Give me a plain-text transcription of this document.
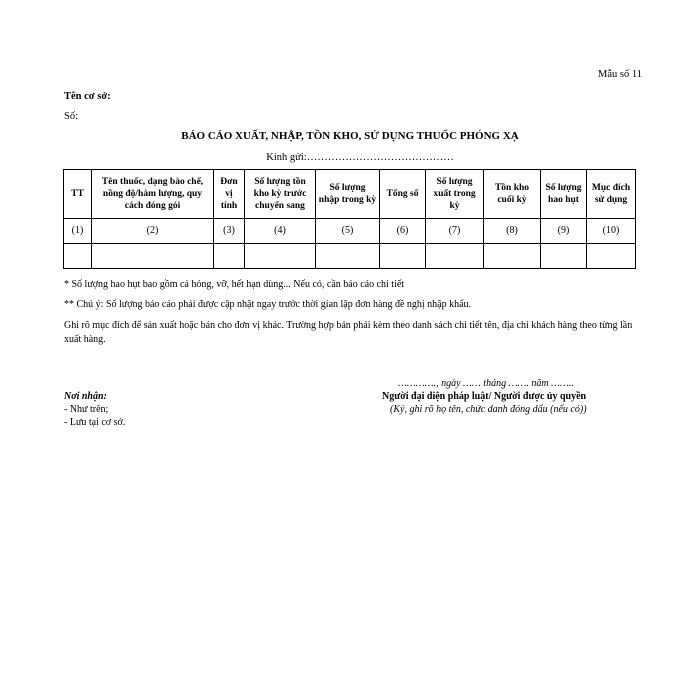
Mẫu số 11
Tên cơ sở:
Số:
BÁO CÁO XUẤT, NHẬP, TỒN KHO, SỬ DỤNG THUỐC PHÓNG XẠ
Kính gửi:……………………………………
TT	Tên thuốc, dạng bào chế, nồng độ/hàm lượng, quy cách đóng gói	Đơn vị tính	Số lượng tồn kho kỳ trước chuyển sang	Số lượng nhập trong kỳ	Tổng số	Số lượng xuất trong kỳ	Tồn kho cuối kỳ	Số lượng hao hụt	Mục đích sử dụng
(1)	(2)	(3)	(4)	(5)	(6)	(7)	(8)	(9)	(10)

* Số lượng hao hụt bao gồm cả hỏng, vỡ, hết hạn dùng... Nếu có, cần báo cáo chi tiết
** Chú ý: Số lượng báo cáo phải được cập nhật ngay trước thời gian lập đơn hàng đề nghị nhập khẩu.
Ghi rõ mục đích để sản xuất hoặc bán cho đơn vị khác. Trường hợp bán phải kèm theo danh sách chi tiết tên, địa chỉ khách hàng theo từng lần xuất hàng.
…………., ngày …… tháng ……. năm ……..
Người đại diện pháp luật/ Người được ủy quyền
(Ký, ghi rõ họ tên, chức danh đóng dấu (nếu có))
Nơi nhận:
- Như trên;
- Lưu tại cơ sở.
